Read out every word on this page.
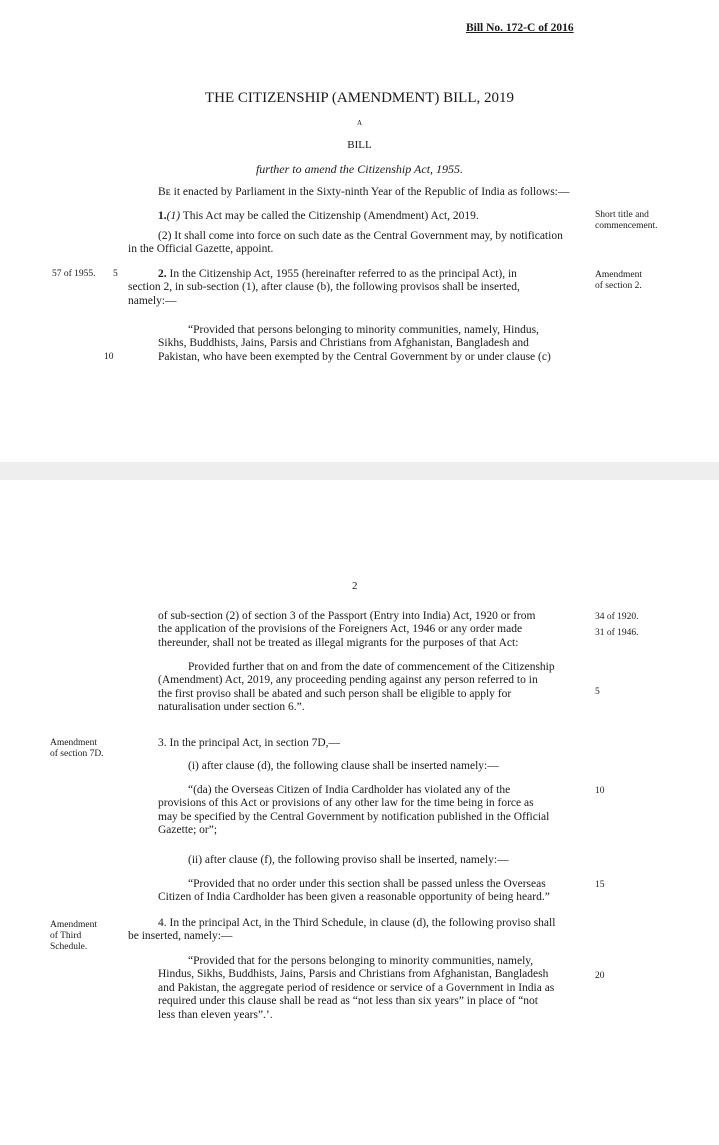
Bill No. 172-C of 2016
THE CITIZENSHIP (AMENDMENT) BILL, 2019
A
BILL
further to amend the Citizenship Act, 1955.
Bᴇ it enacted by Parliament in the Sixty-ninth Year of the Republic of India as follows:—
1.(1) This Act may be called the Citizenship (Amendment) Act, 2019.	Short title and
commencement.
(2) It shall come into force on such date as the Central Government may, by notification
in the Official Gazette, appoint.
57 of 1955. 5	2. In the Citizenship Act, 1955 (hereinafter referred to as the principal Act), in
section 2, in sub-section (1), after clause (b), the following provisos shall be inserted,
namely:—
Amendment
of section 2.
“Provided that persons belonging to minority communities, namely, Hindus,
Sikhs, Buddhists, Jains, Parsis and Christians from Afghanistan, Bangladesh and
Pakistan, who have been exempted by the Central Government by or under clause (c)
10
2
of sub-section (2) of section 3 of the Passport (Entry into India) Act, 1920 or from
the application of the provisions of the Foreigners Act, 1946 or any order made
thereunder, shall not be treated as illegal migrants for the purposes of that Act:
34 of 1920.
31 of 1946.
Provided further that on and from the date of commencement of the Citizenship
(Amendment) Act, 2019, any proceeding pending against any person referred to in
the first proviso shall be abated and such person shall be eligible to apply for
naturalisation under section 6.”.
5
Amendment
of section 7D.
3. In the principal Act, in section 7D,—
(i) after clause (d), the following clause shall be inserted namely:—
“(da) the Overseas Citizen of India Cardholder has violated any of the
provisions of this Act or provisions of any other law for the time being in force as
may be specified by the Central Government by notification published in the Official
Gazette; or”;
10
(ii) after clause (f), the following proviso shall be inserted, namely:—
“Provided that no order under this section shall be passed unless the Overseas
Citizen of India Cardholder has been given a reasonable opportunity of being heard.”
15
Amendment
of Third
Schedule.
4. In the principal Act, in the Third Schedule, in clause (d), the following proviso shall
be inserted, namely:—
“Provided that for the persons belonging to minority communities, namely,
Hindus, Sikhs, Buddhists, Jains, Parsis and Christians from Afghanistan, Bangladesh
and Pakistan, the aggregate period of residence or service of a Government in India as
required under this clause shall be read as “not less than six years” in place of “not
less than eleven years”.’.
20
